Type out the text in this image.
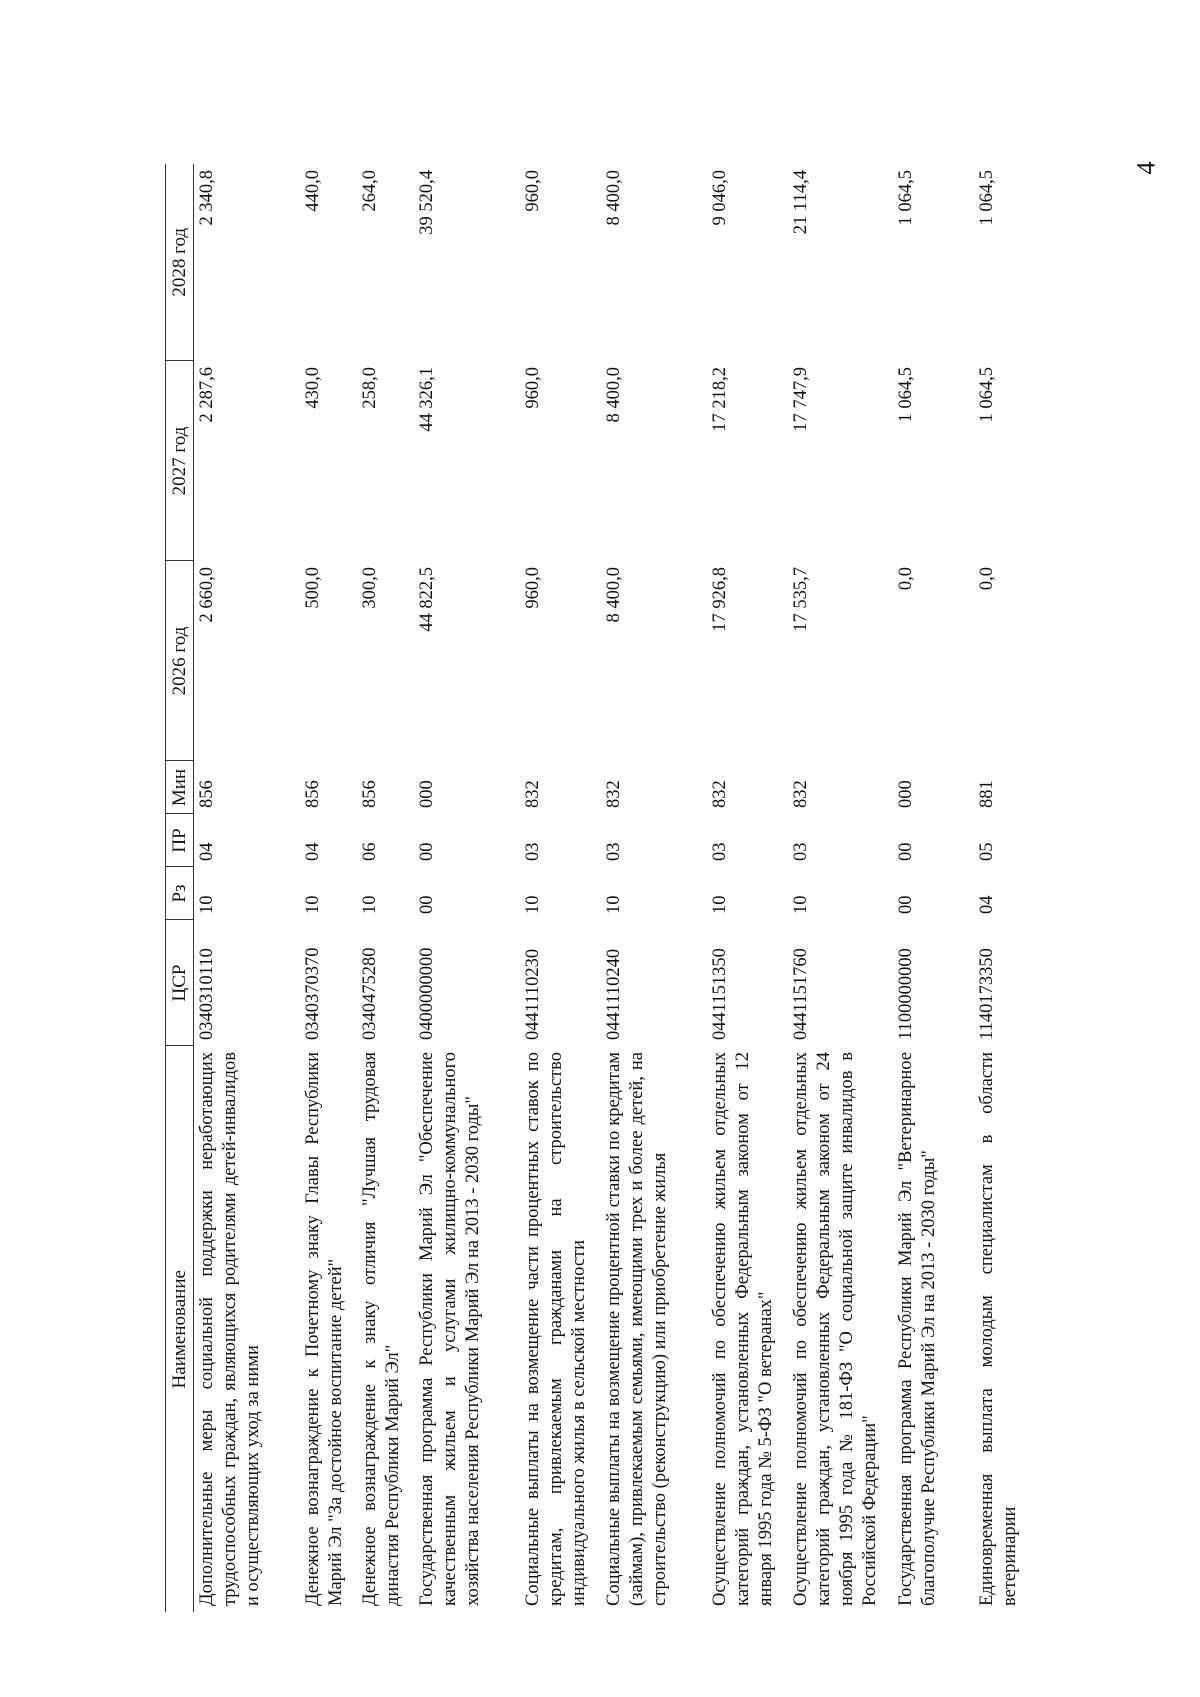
4
Наименование	ЦСР	Рз	ПР	Мин	2026 год	2027 год	2028 год
Дополнительные меры социальной поддержки неработающих трудоспособных граждан, являющихся родителями детей-инвалидов и осуществляющих уход за ними	0340310110	10	04	856	2 660,0	2 287,6	2 340,8
Денежное вознаграждение к Почетному знаку Главы Республики Марий Эл "За достойное воспитание детей"	0340370370	10	04	856	500,0	430,0	440,0
Денежное вознаграждение к знаку отличия "Лучшая трудовая династия Республики Марий Эл"	0340475280	10	06	856	300,0	258,0	264,0
Государственная программа Республики Марий Эл "Обеспечение качественным жильем и услугами жилищно-коммунального хозяйства населения Республики Марий Эл на 2013 - 2030 годы"	0400000000	00	00	000	44 822,5	44 326,1	39 520,4
Социальные выплаты на возмещение части процентных ставок по кредитам, привлекаемым гражданами на строительство индивидуального жилья в сельской местности	0441110230	10	03	832	960,0	960,0	960,0
Социальные выплаты на возмещение процентной ставки по кредитам (займам), привлекаемым семьями, имеющими трех и более детей, на строительство (реконструкцию) или приобретение жилья	0441110240	10	03	832	8 400,0	8 400,0	8 400,0
Осуществление полномочий по обеспечению жильем отдельных категорий граждан, установленных Федеральным законом от 12 января 1995 года № 5-ФЗ "О ветеранах"	0441151350	10	03	832	17 926,8	17 218,2	9 046,0
Осуществление полномочий по обеспечению жильем отдельных категорий граждан, установленных Федеральным законом от 24 ноября 1995 года № 181-ФЗ "О социальной защите инвалидов в Российской Федерации"	0441151760	10	03	832	17 535,7	17 747,9	21 114,4
Государственная программа Республики Марий Эл "Ветеринарное благополучие Республики Марий Эл на 2013 - 2030 годы"	1100000000	00	00	000	0,0	1 064,5	1 064,5
Единовременная выплата молодым специалистам в области ветеринарии	1140173350	04	05	881	0,0	1 064,5	1 064,5
